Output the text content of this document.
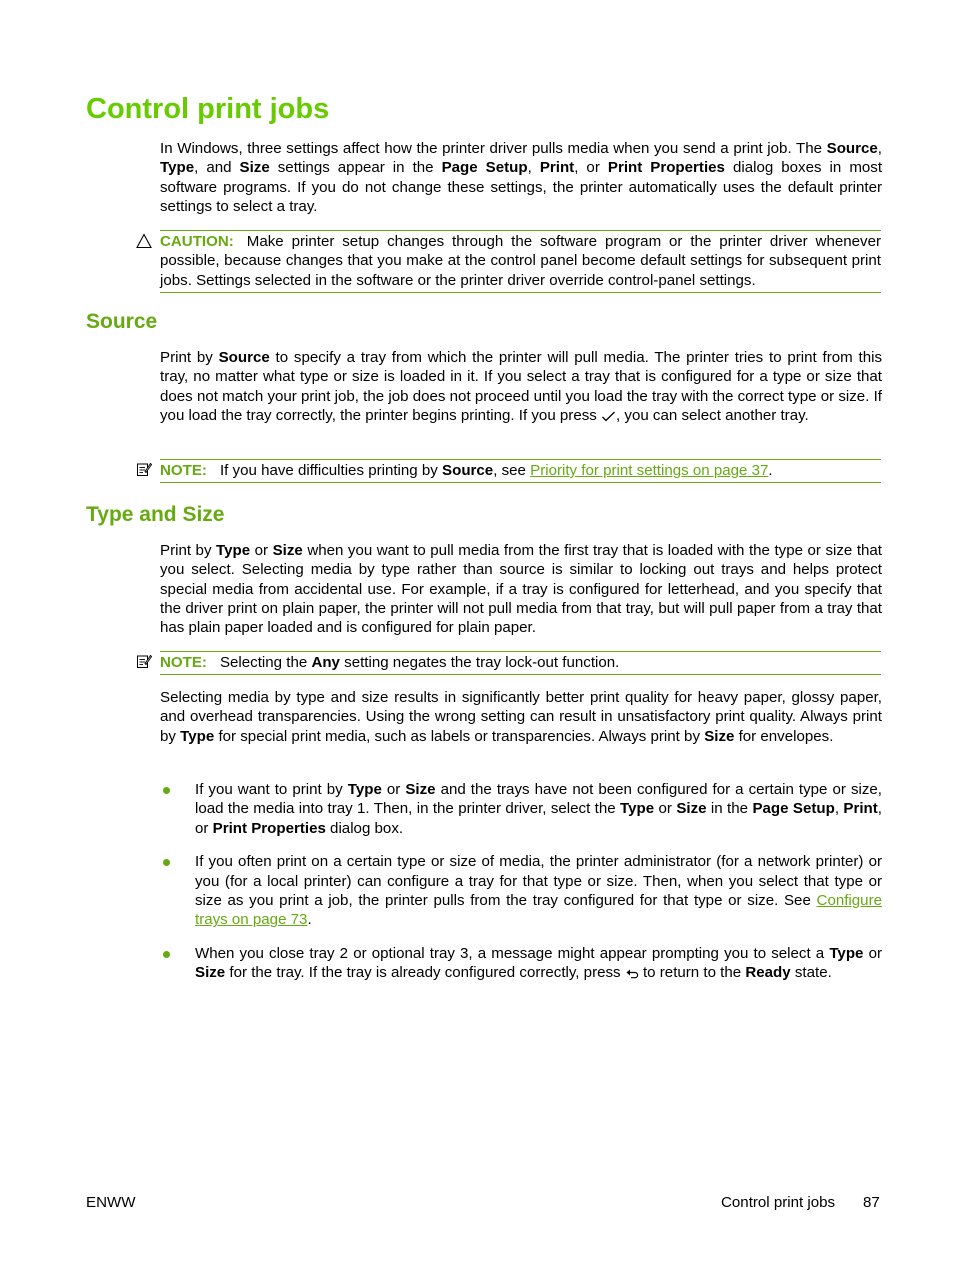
Control print jobs

In Windows, three settings affect how the printer driver pulls media when you send a print job. The Source, Type, and Size settings appear in the Page Setup, Print, or Print Properties dialog boxes in most software programs. If you do not change these settings, the printer automatically uses the default printer settings to select a tray.

CAUTION: Make printer setup changes through the software program or the printer driver whenever possible, because changes that you make at the control panel become default settings for subsequent print jobs. Settings selected in the software or the printer driver override control-panel settings.
Source

Print by Source to specify a tray from which the printer will pull media. The printer tries to print from this tray, no matter what type or size is loaded in it. If you select a tray that is configured for a type or size that does not match your print job, the job does not proceed until you load the tray with the correct type or size. If you load the tray correctly, the printer begins printing. If you press , you can select another tray.

NOTE: If you have difficulties printing by Source, see Priority for print settings on page 37.
Type and Size

Print by Type or Size when you want to pull media from the first tray that is loaded with the type or size that you select. Selecting media by type rather than source is similar to locking out trays and helps protect special media from accidental use. For example, if a tray is configured for letterhead, and you specify that the driver print on plain paper, the printer will not pull media from that tray, but will pull paper from a tray that has plain paper loaded and is configured for plain paper.

NOTE: Selecting the Any setting negates the tray lock-out function.

Selecting media by type and size results in significantly better print quality for heavy paper, glossy paper, and overhead transparencies. Using the wrong setting can result in unsatisfactory print quality. Always print by Type for special print media, such as labels or transparencies. Always print by Size for envelopes.

If you want to print by Type or Size and the trays have not been configured for a certain type or size, load the media into tray 1. Then, in the printer driver, select the Type or Size in the Page Setup, Print, or Print Properties dialog box.
If you often print on a certain type or size of media, the printer administrator (for a network printer) or you (for a local printer) can configure a tray for that type or size. Then, when you select that type or size as you print a job, the printer pulls from the tray configured for that type or size. See Configure trays on page 73.
When you close tray 2 or optional tray 3, a message might appear prompting you to select a Type or Size for the tray. If the tray is already configured correctly, press  to return to the Ready state.
ENWW	Control print jobs 87
